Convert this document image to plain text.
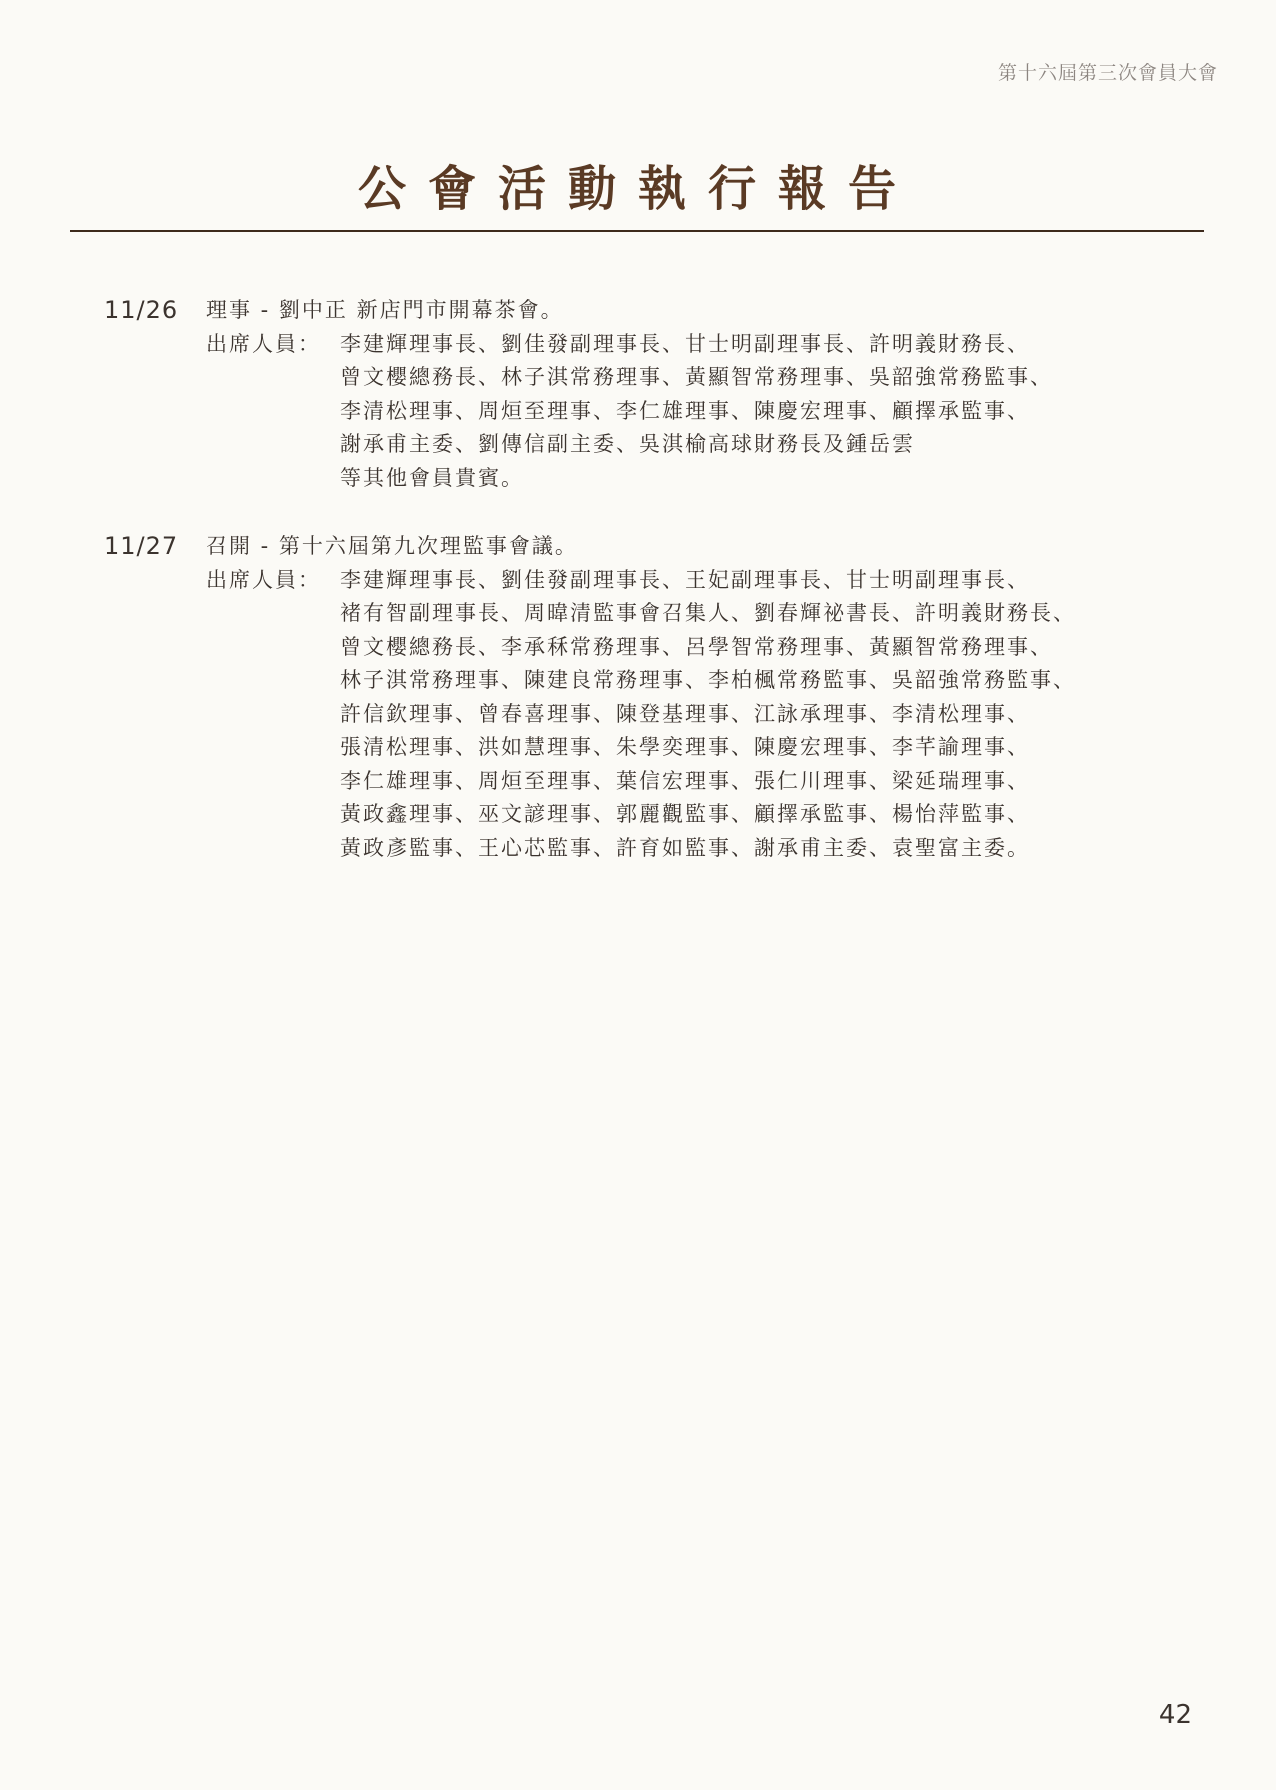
第十六屆第三次會員大會
公會活動執行報告
11/26 理事 - 劉中正 新店門市開幕茶會。
出席人員： 李建輝理事長、劉佳發副理事長、甘士明副理事長、許明義財務長、
曾文櫻總務長、林子淇常務理事、黃顯智常務理事、吳韶強常務監事、
李清松理事、周烜至理事、李仁雄理事、陳慶宏理事、顧擇承監事、
謝承甫主委、劉傳信副主委、吳淇榆高球財務長及鍾岳雲
等其他會員貴賓。
11/27 召開 - 第十六屆第九次理監事會議。
出席人員： 李建輝理事長、劉佳發副理事長、王妃副理事長、甘士明副理事長、
褚有智副理事長、周暐清監事會召集人、劉春輝祕書長、許明義財務長、
曾文櫻總務長、李承秝常務理事、呂學智常務理事、黃顯智常務理事、
林子淇常務理事、陳建良常務理事、李柏楓常務監事、吳韶強常務監事、
許信欽理事、曾春喜理事、陳登基理事、江詠承理事、李清松理事、
張清松理事、洪如慧理事、朱學奕理事、陳慶宏理事、李芊諭理事、
李仁雄理事、周烜至理事、葉信宏理事、張仁川理事、梁延瑞理事、
黃政鑫理事、巫文諺理事、郭麗觀監事、顧擇承監事、楊怡萍監事、
黃政彥監事、王心芯監事、許育如監事、謝承甫主委、袁聖富主委。
42
